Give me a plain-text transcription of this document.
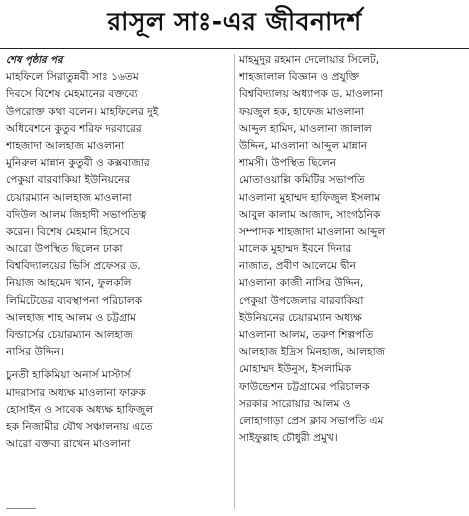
রাসূল সাঃ-এর জীবনাদর্শ
শেষ পৃষ্ঠার পর
মাহফিলে সিরাতুন্নবী সাঃ ১৬তম
দিবসে বিশেষ মেহমানের বক্তব্যে
উপরোক্ত কথা বলেন। মাহফিলের দুই
অধিবেশনে কুতুব শরিফ দরবারের
শাহজাদা আলহাজ মাওলানা
মুনিরুল মান্নান কুতুবী ও কক্সবাজার
পেকুয়া বারবাকিয়া ইউনিয়নের
চেয়ারম্যান আলহাজ মাওলানা
বদিউল আলম জিহাদী সভাপতিত্ব
করেন। বিশেষ মেহমান হিসেবে
আরো উপস্থিত ছিলেন ঢাকা
বিশ্ববিদ্যালয়ের ভিসি প্রফেসর ড.
নিয়াজ আহমেদ খান, ফুলকলি
লিমিটেডের ব্যবস্থাপনা পরিচালক
আলহাজ শাহ আলম ও চট্টগ্রাম
বিল্ডার্সের চেয়ারম্যান আলহাজ
নাসির উদ্দিন।
চুনতী হাকিমিয়া অনার্স মাস্টার্স
মাদরাসার অধ্যক্ষ মাওলানা ফারুক
হোসাইন ও সাবেক অধ্যক্ষ হাফিজুল
হক নিজামীর যৌথ সঞ্চালনায় এতে
আরো বক্তব্য রাখেন মাওলানা
মাহমুদুর রহমান দেলোয়ার সিলেট,
শাহজালাল বিজ্ঞান ও প্রযুক্তি
বিশ্ববিদ্যালয় অধ্যাপক ড. মাওলানা
ফয়জুল হক, হাফেজ মাওলানা
আব্দুল হামিদ, মাওলানা জালাল
উদ্দিন, মাওলানা আব্দুল মান্নান
শামসী। উপস্থিত ছিলেন
মোতাওয়াল্লি কমিটির সভাপতি
মাওলানা মুহাম্মদ হাফিজুল ইসলাম
আবুল কালাম আজাদ, সাংগঠনিক
সম্পাদক শাহজাদা মাওলানা আব্দুল
মালেক মুহাম্মদ ইবনে দিনার
নাজাত, প্রবীণ আলেমে দ্বীন
মাওলানা কাজী নাসির উদ্দিন,
পেকুয়া উপজেলার বারবাকিয়া
ইউনিয়নের চেয়ারম্যান অধ্যক্ষ
মাওলানা আলম, তরুণ শিল্পপতি
আলহাজ ইদ্রিস মিনহাজ, আলহাজ
মোহাম্মদ ইউনুস, ইসলামিক
ফাউন্ডেশন চট্টগ্রামের পরিচালক
সরকার সারোয়ার আলম ও
লোহাগাড়া প্রেস ক্লাব সভাপতি এম
সাইফুল্লাহ চৌধুরী প্রমুখ।
